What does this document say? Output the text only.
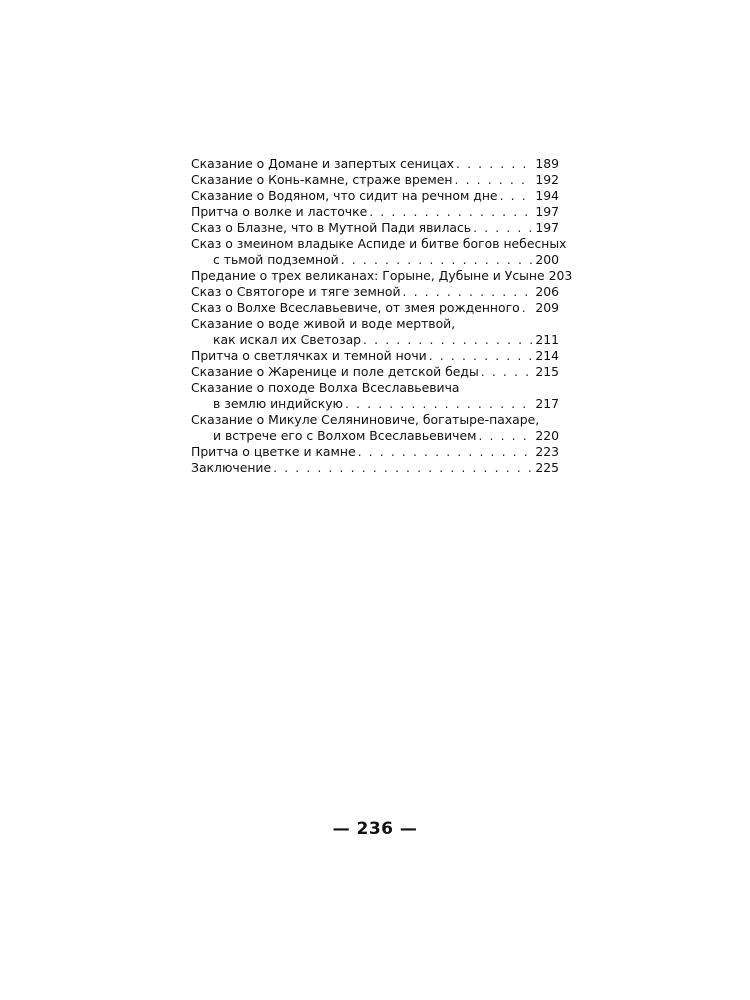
Сказание о Домане и запертых сеницах . . .	189
Сказание о Конь-камне, страже времен . . .	192
Сказание о Водяном, что сидит на речном дне . . .	194
Притча о волке и ласточке . . .	197
Сказ о Блазне, что в Мутной Пади явилась . . .	197
Сказ о змеином владыке Аспиде и битве богов небесных
с тьмой подземной . . .	200
Предание о трех великанах: Горыне, Дубыне и Усыне 203
Сказ о Святогоре и тяге земной . . .	206
Сказ о Волхе Всеславьевиче, от змея рожденного . . . 209
Сказание о воде живой и воде мертвой,
как искал их Светозар . . .	211
Притча о светлячках и темной ночи . . .	214
Сказание о Жаренице и поле детской беды . . .	215
Сказание о походе Волха Всеславьевича
в землю индийскую . . .	217
Сказание о Микуле Селяниновиче, богатыре-пахаре,
и встрече его с Волхом Всеславьевичем . . .	220
Притча о цветке и камне . . .	223
Заключение . . .	225
— 236 —
